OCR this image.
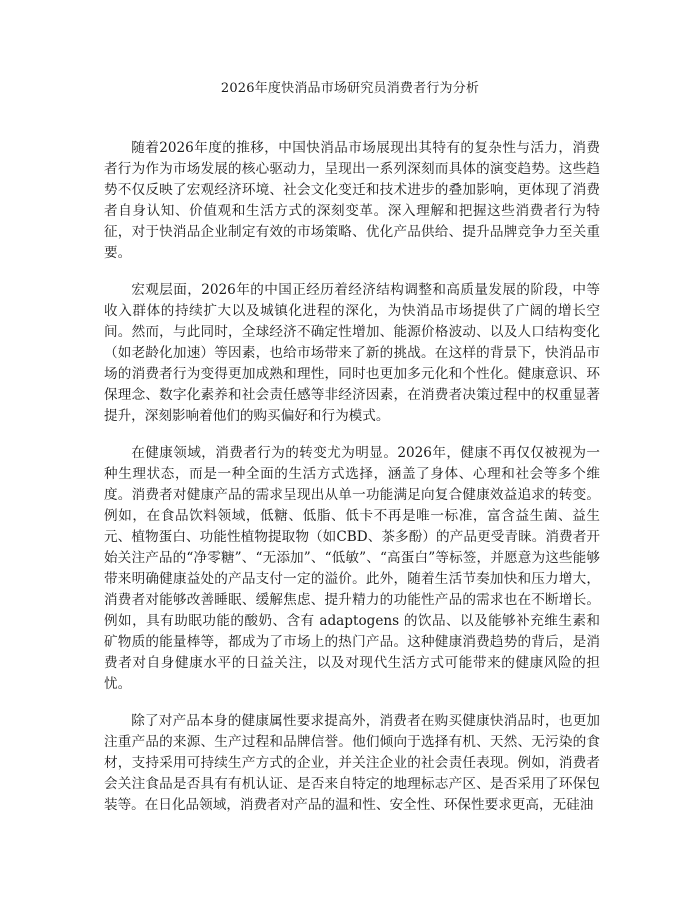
2026年度快消品市场研究员消费者行为分析

随着2026年度的推移，中国快消品市场展现出其特有的复杂性与活力，消费者行为作为市场发展的核心驱动力，呈现出一系列深刻而具体的演变趋势。这些趋势不仅反映了宏观经济环境、社会文化变迁和技术进步的叠加影响，更体现了消费者自身认知、价值观和生活方式的深刻变革。深入理解和把握这些消费者行为特征，对于快消品企业制定有效的市场策略、优化产品供给、提升品牌竞争力至关重要。

宏观层面，2026年的中国正经历着经济结构调整和高质量发展的阶段，中等收入群体的持续扩大以及城镇化进程的深化，为快消品市场提供了广阔的增长空间。然而，与此同时，全球经济不确定性增加、能源价格波动、以及人口结构变化（如老龄化加速）等因素，也给市场带来了新的挑战。在这样的背景下，快消品市场的消费者行为变得更加成熟和理性，同时也更加多元化和个性化。健康意识、环保理念、数字化素养和社会责任感等非经济因素，在消费者决策过程中的权重显著提升，深刻影响着他们的购买偏好和行为模式。

在健康领域，消费者行为的转变尤为明显。2026年，健康不再仅仅被视为一种生理状态，而是一种全面的生活方式选择，涵盖了身体、心理和社会等多个维度。消费者对健康产品的需求呈现出从单一功能满足向复合健康效益追求的转变。例如，在食品饮料领域，低糖、低脂、低卡不再是唯一标准，富含益生菌、益生元、植物蛋白、功能性植物提取物（如CBD、茶多酚）的产品更受青睐。消费者开始关注产品的“净零糖”、“无添加”、“低敏”、“高蛋白”等标签，并愿意为这些能够带来明确健康益处的产品支付一定的溢价。此外，随着生活节奏加快和压力增大，消费者对能够改善睡眠、缓解焦虑、提升精力的功能性产品的需求也在不断增长。例如，具有助眠功能的酸奶、含有 adaptogens 的饮品、以及能够补充维生素和矿物质的能量棒等，都成为了市场上的热门产品。这种健康消费趋势的背后，是消费者对自身健康水平的日益关注，以及对现代生活方式可能带来的健康风险的担忧。

除了对产品本身的健康属性要求提高外，消费者在购买健康快消品时，也更加注重产品的来源、生产过程和品牌信誉。他们倾向于选择有机、天然、无污染的食材，支持采用可持续生产方式的企业，并关注企业的社会责任表现。例如，消费者会关注食品是否具有有机认证、是否来自特定的地理标志产区、是否采用了环保包装等。在日化品领域，消费者对产品的温和性、安全性、环保性要求更高，无硅油
